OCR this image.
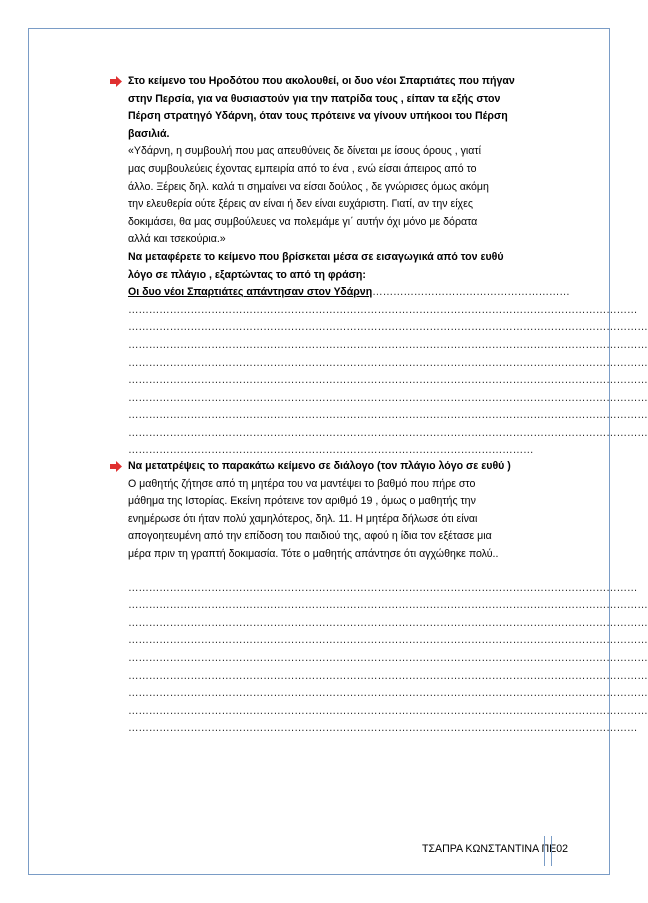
Στο κείμενο του Ηροδότου που ακολουθεί, οι δυο νέοι Σπαρτιάτες που πήγαν
στην Περσία, για να θυσιαστούν για την πατρίδα τους , είπαν τα εξής στον
Πέρση στρατηγό Υδάρνη, όταν τους πρότεινε να γίνουν υπήκοοι του Πέρση
βασιλιά.
«Υδάρνη, η συμβουλή που μας απευθύνεις δε δίνεται με ίσους όρους , γιατί
μας συμβουλεύεις έχοντας εμπειρία από το ένα , ενώ είσαι άπειρος από το
άλλο. Ξέρεις δηλ. καλά τι σημαίνει να είσαι δούλος , δε γνώρισες όμως ακόμη
την ελευθερία ούτε ξέρεις αν είναι ή δεν είναι ευχάριστη. Γιατί, αν την είχες
δοκιμάσει, θα μας συμβούλευες να πολεμάμε γι΄ αυτήν όχι μόνο με δόρατα
αλλά και τσεκούρια.»
Να μεταφέρετε το κείμενο που βρίσκεται μέσα σε εισαγωγικά από τον ευθύ
λόγο σε πλάγιο , εξαρτώντας το από τη φράση:
Οι δυο νέοι Σπαρτιάτες απάντησαν στον Υδάρνη…………………………………………………
…………………………………………………………………………………………………………………………………
……………………………………………………………………………………………………………………………………
……………………………………………………………………………………………………………………………………
……………………………………………………………………………………………………………………………………
……………………………………………………………………………………………………………………………………
……………………………………………………………………………………………………………………………………
……………………………………………………………………………………………………………………………………
……………………………………………………………………………………………………………………………………
………………………………………………………………………………………………………
Να μετατρέψεις το παρακάτω κείμενο σε διάλογο (τον πλάγιο λόγο σε ευθύ )
Ο μαθητής ζήτησε από τη μητέρα του να μαντέψει το βαθμό που πήρε στο
μάθημα της Ιστορίας. Εκείνη πρότεινε τον αριθμό 19 , όμως ο μαθητής την
ενημέρωσε ότι ήταν πολύ χαμηλότερος, δηλ. 11. Η μητέρα δήλωσε ότι είναι
απογοητευμένη από την επίδοση του παιδιού της, αφού η ίδια τον εξέτασε μια
μέρα πριν τη γραπτή δοκιμασία. Τότε ο μαθητής απάντησε ότι αγχώθηκε πολύ..
…………………………………………………………………………………………………………………………………
……………………………………………………………………………………………………………………………………
……………………………………………………………………………………………………………………………………
……………………………………………………………………………………………………………………………………
……………………………………………………………………………………………………………………………………
……………………………………………………………………………………………………………………………………
……………………………………………………………………………………………………………………………………
……………………………………………………………………………………………………………………………………
…………………………………………………………………………………………………………………………………
ΤΣΑΠΡΑ ΚΩΝΣΤΑΝΤΙΝΑ ΠΕ02
